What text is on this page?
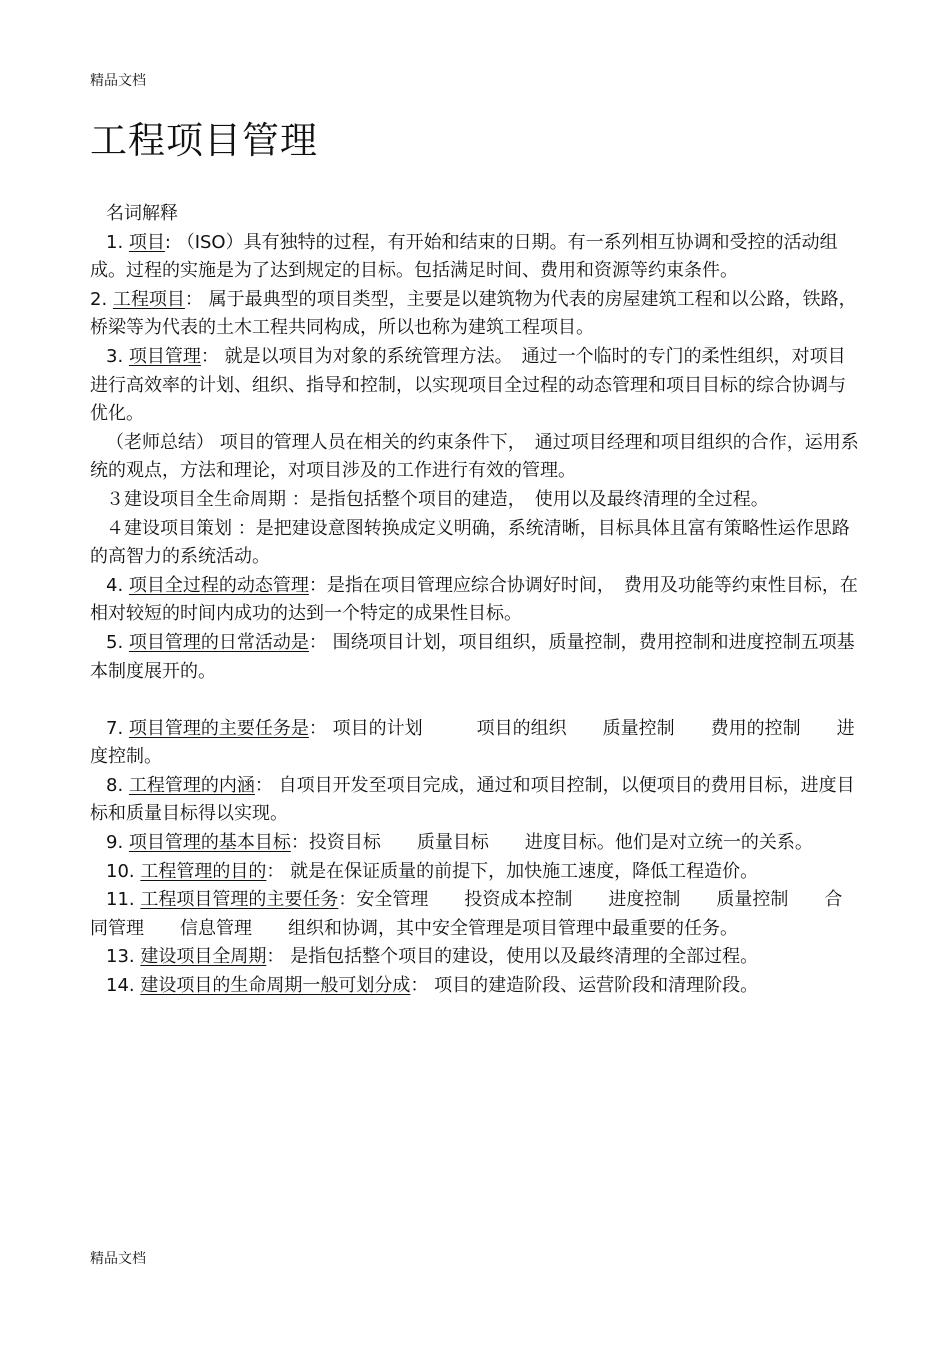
精品文档
工程项目管理

名词解释

1. 项目: （ISO）具有独特的过程，有开始和结束的日期。有一系列相互协调和受控的活动组成。过程的实施是为了达到规定的目标。包括满足时间、费用和资源等约束条件。

2. 工程项目： 属于最典型的项目类型，主要是以建筑物为代表的房屋建筑工程和以公路，铁路，桥梁等为代表的土木工程共同构成，所以也称为建筑工程项目。

3. 项目管理： 就是以项目为对象的系统管理方法。　通过一个临时的专门的柔性组织，对项目进行高效率的计划、组织、指导和控制，以实现项目全过程的动态管理和项目目标的综合协调与优化。

（老师总结） 项目的管理人员在相关的约束条件下，　通过项目经理和项目组织的合作，运用系统的观点，方法和理论，对项目涉及的工作进行有效的管理。

３建设项目全生命周期 ：是指包括整个项目的建造，　使用以及最终清理的全过程。

４建设项目策划 ：是把建设意图转换成定义明确，系统清晰，目标具体且富有策略性运作思路的高智力的系统活动。

4. 项目全过程的动态管理：是指在项目管理应综合协调好时间，　费用及功能等约束性目标，在相对较短的时间内成功的达到一个特定的成果性目标。

5. 项目管理的日常活动是： 围绕项目计划，项目组织，质量控制，费用控制和进度控制五项基本制度展开的。

7. 项目管理的主要任务是： 项目的计划　　　项目的组织　　质量控制　　费用的控制　　进度控制。

8. 工程管理的内涵： 自项目开发至项目完成，通过和项目控制，以便项目的费用目标，进度目标和质量目标得以实现。

9. 项目管理的基本目标：投资目标　　质量目标　　进度目标。他们是对立统一的关系。

10. 工程管理的目的： 就是在保证质量的前提下，加快施工速度，降低工程造价。

11. 工程项目管理的主要任务：安全管理　　投资成本控制　　进度控制　　质量控制　　合同管理　　信息管理　　组织和协调，其中安全管理是项目管理中最重要的任务。

13. 建设项目全周期： 是指包括整个项目的建设，使用以及最终清理的全部过程。

14. 建设项目的生命周期一般可划分成： 项目的建造阶段、运营阶段和清理阶段。

精品文档
